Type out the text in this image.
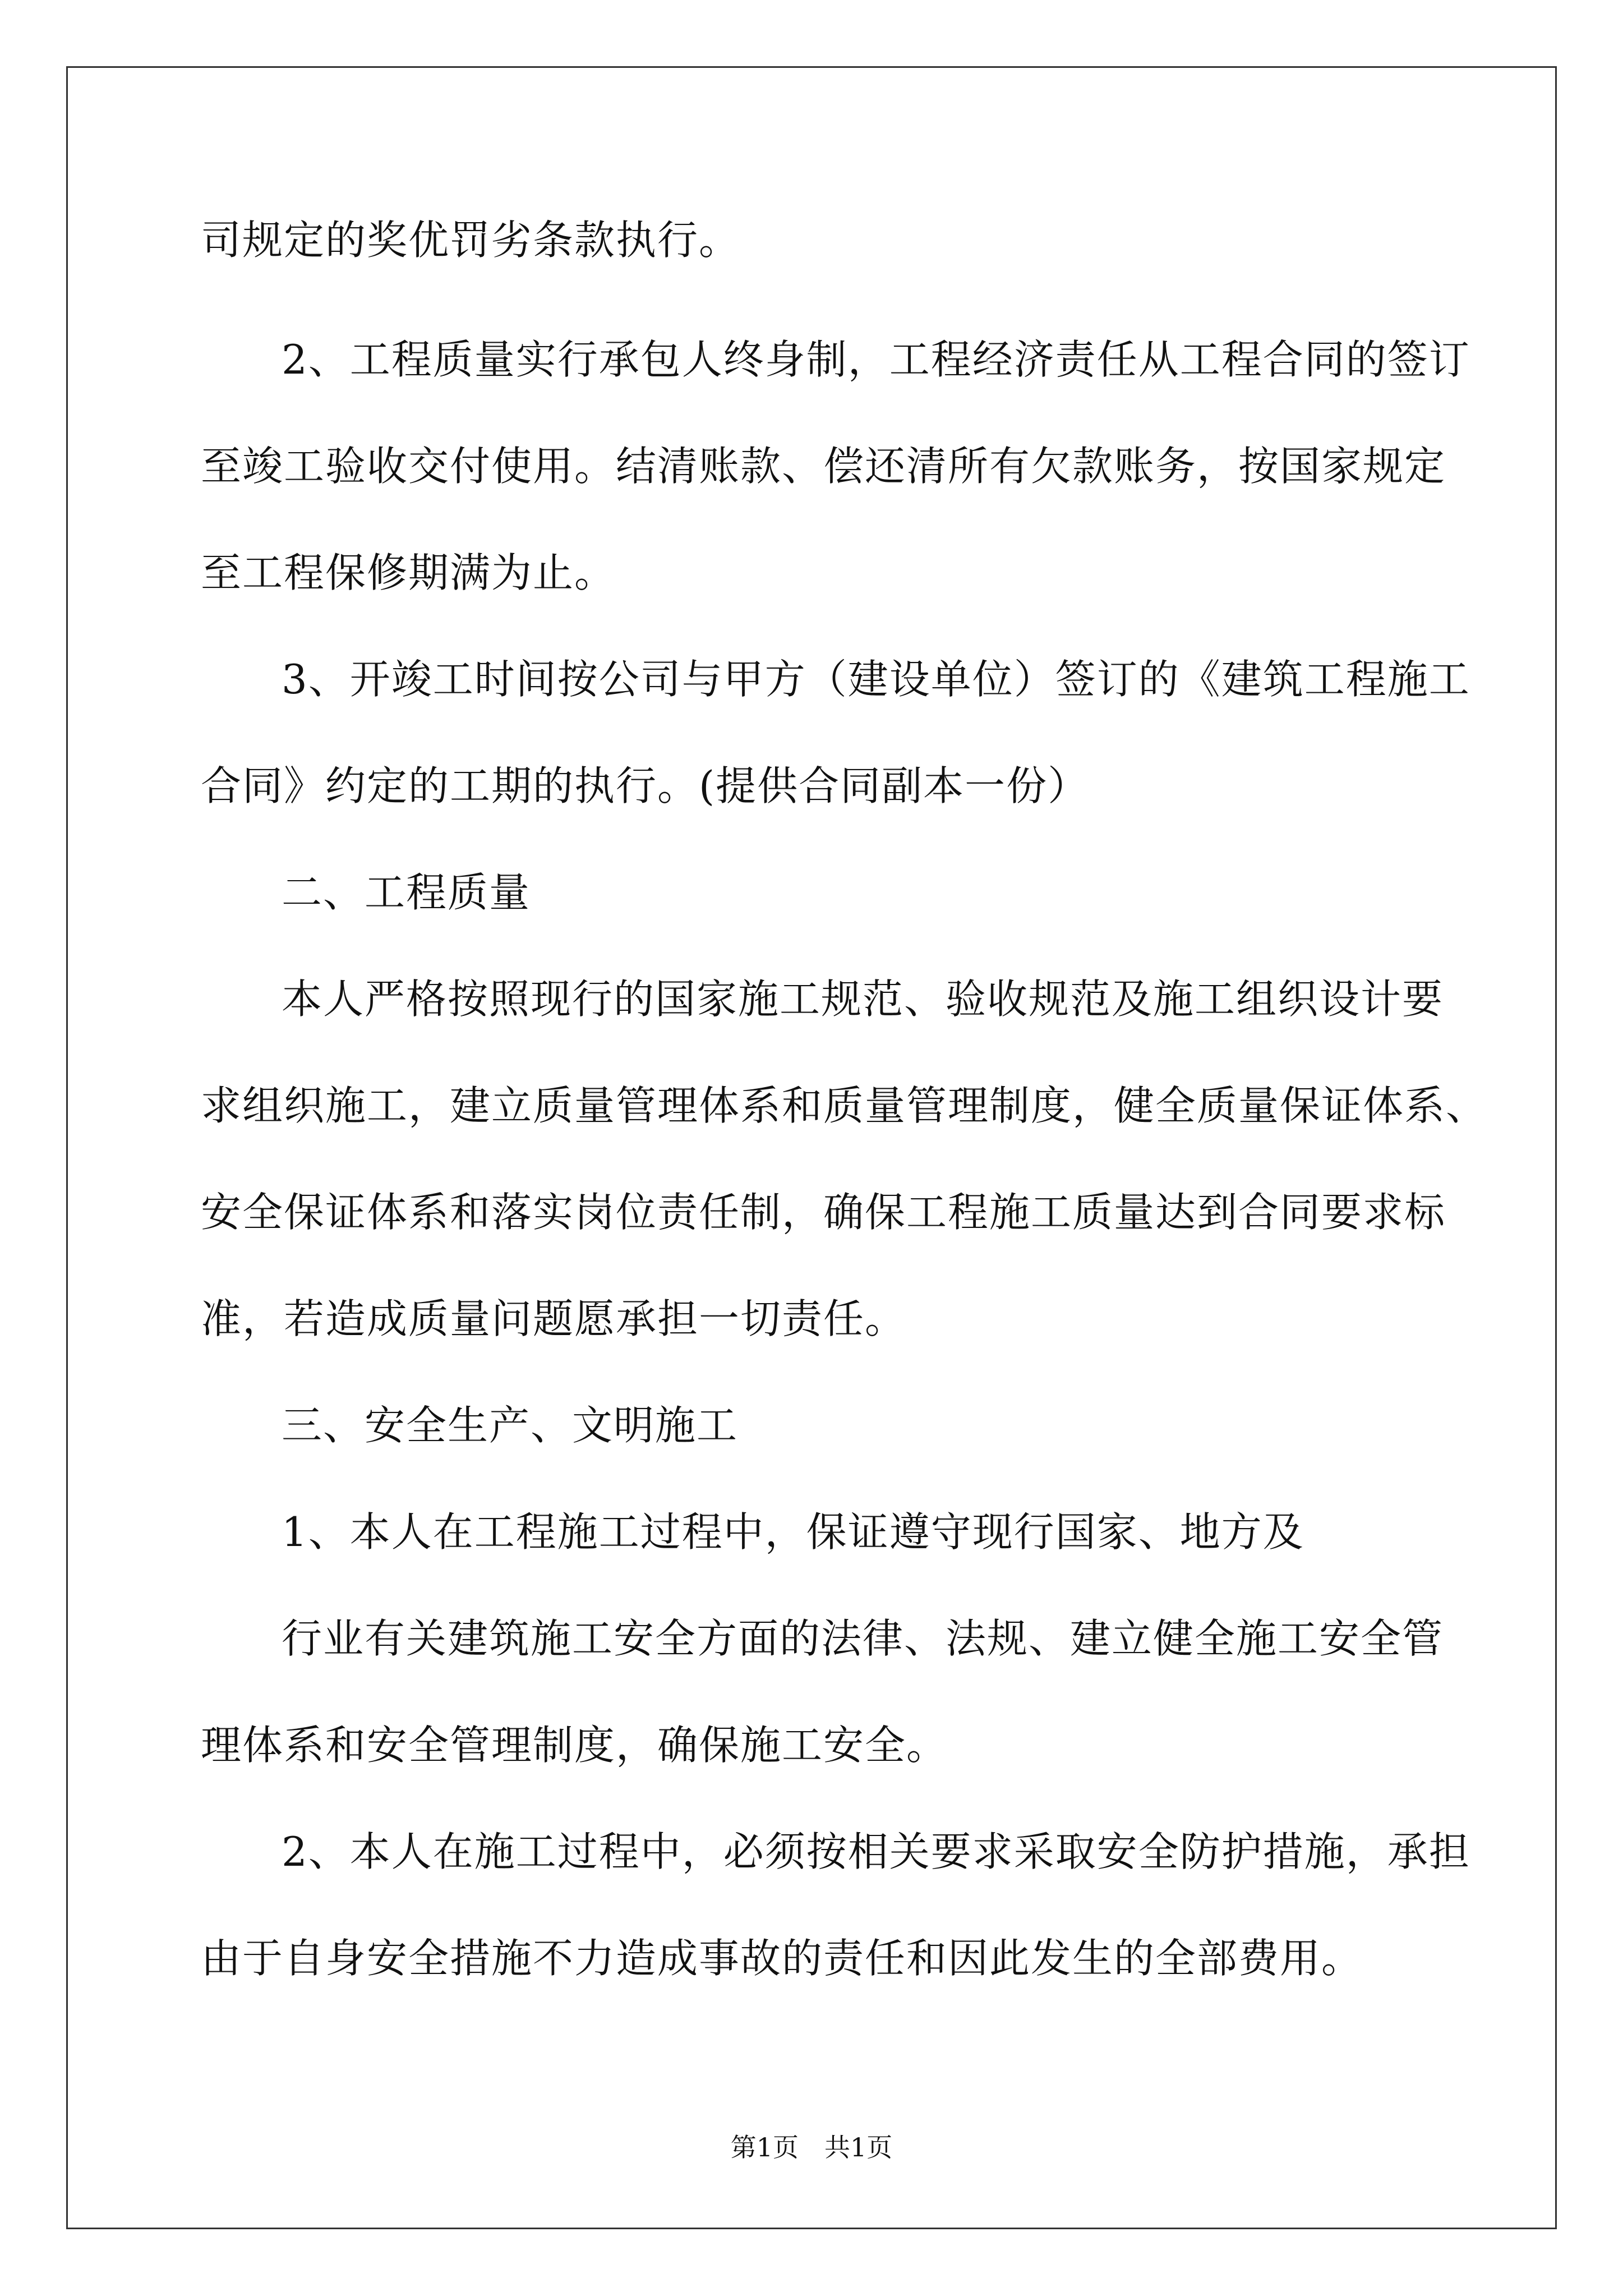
司规定的奖优罚劣条款执行。
2、工程质量实行承包人终身制，工程经济责任从工程合同的签订
至竣工验收交付使用。结清账款、偿还清所有欠款账务，按国家规定
至工程保修期满为止。
3、开竣工时间按公司与甲方（建设单位）签订的《建筑工程施工
合同》约定的工期的执行。(提供合同副本一份）
二、工程质量
本人严格按照现行的国家施工规范、验收规范及施工组织设计要
求组织施工，建立质量管理体系和质量管理制度，健全质量保证体系、
安全保证体系和落实岗位责任制，确保工程施工质量达到合同要求标
准，若造成质量问题愿承担一切责任。
三、安全生产、文明施工
1、本人在工程施工过程中，保证遵守现行国家、地方及
行业有关建筑施工安全方面的法律、法规、建立健全施工安全管
理体系和安全管理制度，确保施工安全。
2、本人在施工过程中，必须按相关要求采取安全防护措施，承担
由于自身安全措施不力造成事故的责任和因此发生的全部费用。
第1页　共1页
